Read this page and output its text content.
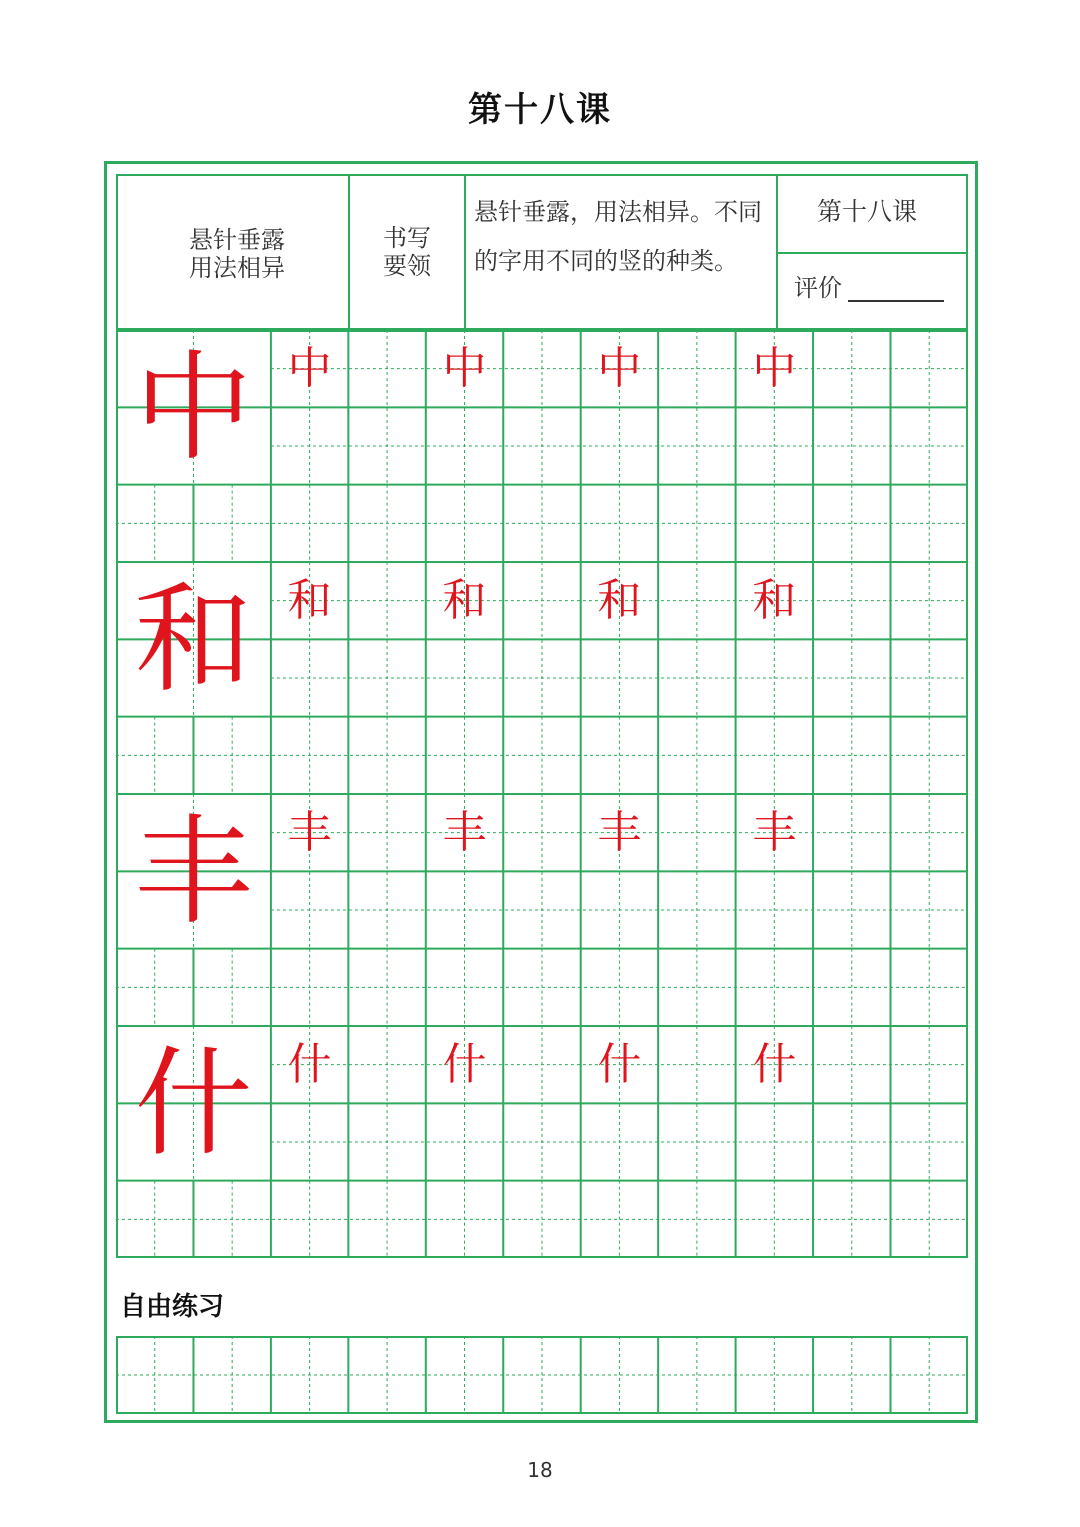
第十八课
悬针垂露
用法相异
书写
要领
悬针垂露，用法相异。不同的字用不同的竖的种类。
第十八课
评价
中 中	中	中	中
和 和	和	和	和
丰 丰	丰	丰	丰
什 什	什	什	什
自由练习
18
